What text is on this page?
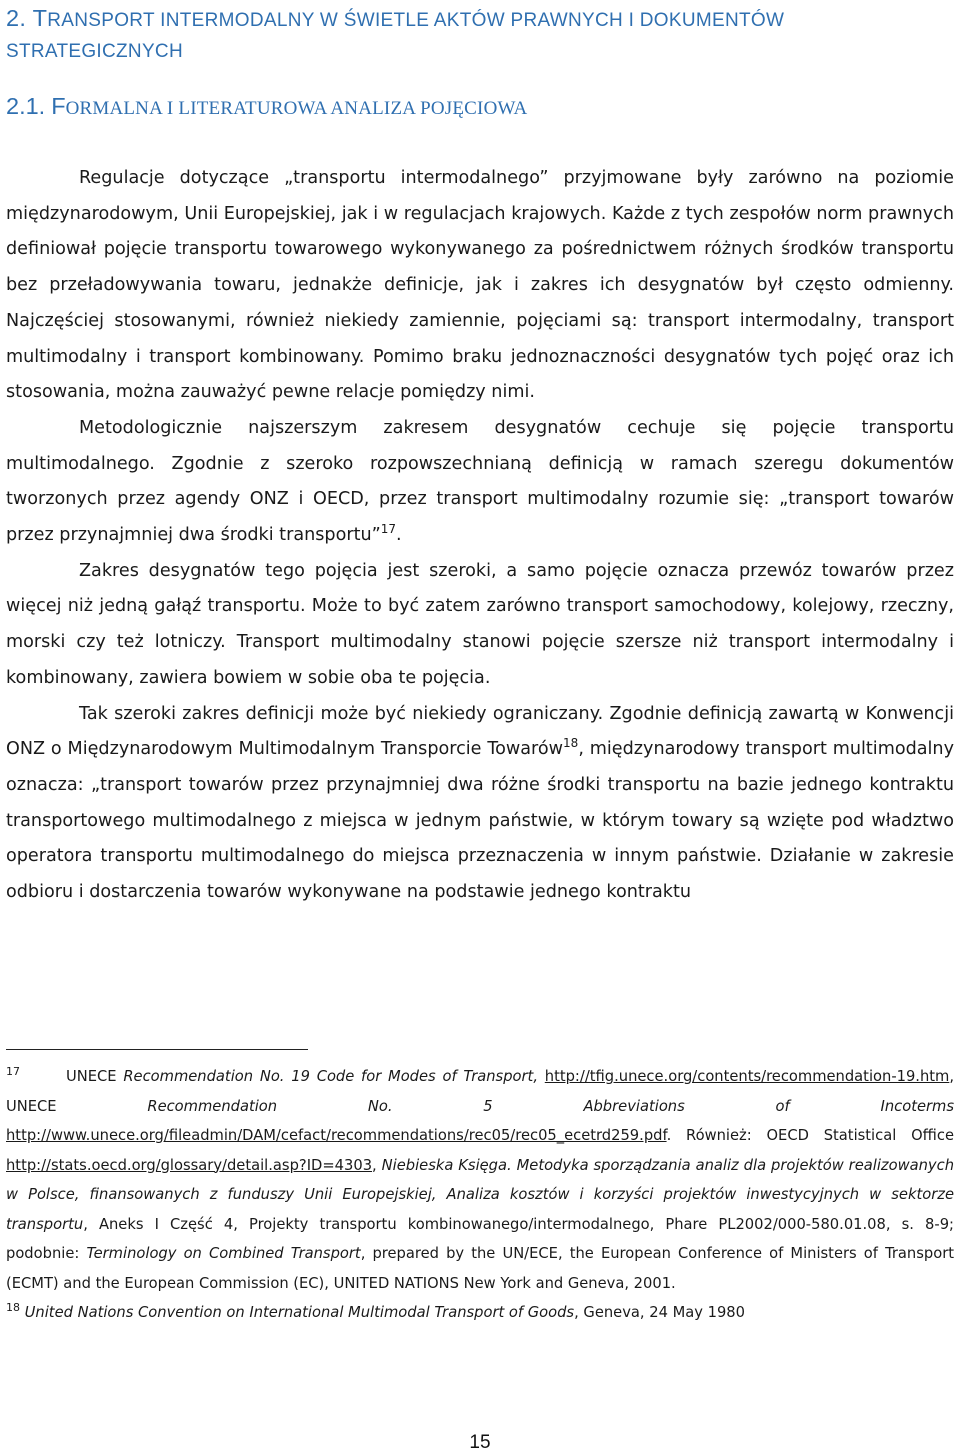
2. TRANSPORT INTERMODALNY W ŚWIETLE AKTÓW PRAWNYCH I DOKUMENTÓW STRATEGICZNYCH
2.1. FORMALNA I LITERATUROWA ANALIZA POJĘCIOWA

Regulacje dotyczące „transportu intermodalnego” przyjmowane były zarówno na poziomie międzynarodowym, Unii Europejskiej, jak i w regulacjach krajowych. Każde z tych zespołów norm prawnych definiował pojęcie transportu towarowego wykonywanego za pośrednictwem różnych środków transportu bez przeładowywania towaru, jednakże definicje, jak i zakres ich desygnatów był często odmienny. Najczęściej stosowanymi, również niekiedy zamiennie, pojęciami są: transport intermodalny, transport multimodalny i transport kombinowany. Pomimo braku jednoznaczności desygnatów tych pojęć oraz ich stosowania, można zauważyć pewne relacje pomiędzy nimi.

Metodologicznie najszerszym zakresem desygnatów cechuje się pojęcie transportu multimodalnego. Zgodnie z szeroko rozpowszechnianą definicją w ramach szeregu dokumentów tworzonych przez agendy ONZ i OECD, przez transport multimodalny rozumie się: „transport towarów przez przynajmniej dwa środki transportu”$^{17}$.

Zakres desygnatów tego pojęcia jest szeroki, a samo pojęcie oznacza przewóz towarów przez więcej niż jedną gałąź transportu. Może to być zatem zarówno transport samochodowy, kolejowy, rzeczny, morski czy też lotniczy. Transport multimodalny stanowi pojęcie szersze niż transport intermodalny i kombinowany, zawiera bowiem w sobie oba te pojęcia.

Tak szeroki zakres definicji może być niekiedy ograniczany. Zgodnie definicją zawartą w Konwencji ONZ o Międzynarodowym Multimodalnym Transporcie Towarów$^{18}$, międzynarodowy transport multimodalny oznacza: „transport towarów przez przynajmniej dwa różne środki transportu na bazie jednego kontraktu transportowego multimodalnego z miejsca w jednym państwie, w którym towary są wzięte pod władztwo operatora transportu multimodalnego do miejsca przeznaczenia w innym państwie. Działanie w zakresie odbioru i dostarczenia towarów wykonywane na podstawie jednego kontraktu

$^{17}$	UNECE Recommendation No. 19 Code for Modes of Transport, http://tfig.unece.org/contents/recommendation-19.htm, UNECE	Recommendation No. 5 Abbreviations of Incoterms http://www.unece.org/fileadmin/DAM/cefact/recommendations/rec05/rec05_ecetrd259.pdf. Również: OECD Statistical Office http://stats.oecd.org/glossary/detail.asp?ID=4303, Niebieska Księga. Metodyka sporządzania analiz dla projektów realizowanych w Polsce, finansowanych z funduszy Unii Europejskiej, Analiza kosztów i korzyści projektów inwestycyjnych w sektorze transportu, Aneks I Część 4, Projekty transportu kombinowanego/intermodalnego, Phare PL2002/000-580.01.08, s. 8-9; podobnie: Terminology on Combined Transport, prepared by the UN/ECE, the European Conference of Ministers of Transport (ECMT) and the European Commission (EC), UNITED NATIONS New York and Geneva, 2001.

$^{18}$ United Nations Convention on International Multimodal Transport of Goods, Geneva, 24 May 1980

15
